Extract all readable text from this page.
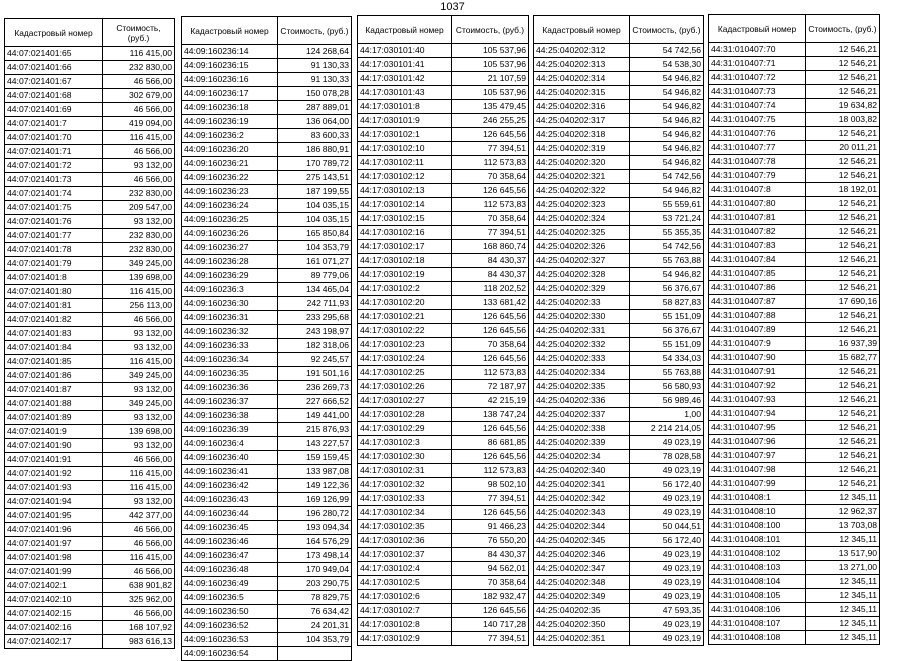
1037
Кадастровый номер	Стоимость, (руб.)
44:07:021401:65	116 415,00
44:07:021401:66	232 830,00
44:07:021401:67	46 566,00
44:07:021401:68	302 679,00
44:07:021401:69	46 566,00
44:07:021401:7	419 094,00
44:07:021401:70	116 415,00
44:07:021401:71	46 566,00
44:07:021401:72	93 132,00
44:07:021401:73	46 566,00
44:07:021401:74	232 830,00
44:07:021401:75	209 547,00
44:07:021401:76	93 132,00
44:07:021401:77	232 830,00
44:07:021401:78	232 830,00
44:07:021401:79	349 245,00
44:07:021401:8	139 698,00
44:07:021401:80	116 415,00
44:07:021401:81	256 113,00
44:07:021401:82	46 566,00
44:07:021401:83	93 132,00
44:07:021401:84	93 132,00
44:07:021401:85	116 415,00
44:07:021401:86	349 245,00
44:07:021401:87	93 132,00
44:07:021401:88	349 245,00
44:07:021401:89	93 132,00
44:07:021401:9	139 698,00
44:07:021401:90	93 132,00
44:07:021401:91	46 566,00
44:07:021401:92	116 415,00
44:07:021401:93	116 415,00
44:07:021401:94	93 132,00
44:07:021401:95	442 377,00
44:07:021401:96	46 566,00
44:07:021401:97	46 566,00
44:07:021401:98	116 415,00
44:07:021401:99	46 566,00
44:07:021402:1	638 901,82
44:07:021402:10	325 962,00
44:07:021402:15	46 566,00
44:07:021402:16	168 107,92
44:07:021402:17	983 616,13
Кадастровый номер	Стоимость, (руб.)
44:09:160236:14	124 268,64
44:09:160236:15	91 130,33
44:09:160236:16	91 130,33
44:09:160236:17	150 078,28
44:09:160236:18	287 889,01
44:09:160236:19	136 064,00
44:09:160236:2	83 600,33
44:09:160236:20	186 880,91
44:09:160236:21	170 789,72
44:09:160236:22	275 143,51
44:09:160236:23	187 199,55
44:09:160236:24	104 035,15
44:09:160236:25	104 035,15
44:09:160236:26	165 850,84
44:09:160236:27	104 353,79
44:09:160236:28	161 071,27
44:09:160236:29	89 779,06
44:09:160236:3	134 465,04
44:09:160236:30	242 711,93
44:09:160236:31	233 295,68
44:09:160236:32	243 198,97
44:09:160236:33	182 318,06
44:09:160236:34	92 245,57
44:09:160236:35	191 501,16
44:09:160236:36	236 269,73
44:09:160236:37	227 666,52
44:09:160236:38	149 441,00
44:09:160236:39	215 876,93
44:09:160236:4	143 227,57
44:09:160236:40	159 159,45
44:09:160236:41	133 987,08
44:09:160236:42	149 122,36
44:09:160236:43	169 126,99
44:09:160236:44	196 280,72
44:09:160236:45	193 094,34
44:09:160236:46	164 576,29
44:09:160236:47	173 498,14
44:09:160236:48	170 949,04
44:09:160236:49	203 290,75
44:09:160236:5	78 829,75
44:09:160236:50	76 634,42
44:09:160236:52	24 201,31
44:09:160236:53	104 353,79
44:09:160236:54	
Кадастровый номер	Стоимость, (руб.)
44:17:030101:40	105 537,96
44:17:030101:41	105 537,96
44:17:030101:42	21 107,59
44:17:030101:43	105 537,96
44:17:030101:8	135 479,45
44:17:030101:9	246 255,25
44:17:030102:1	126 645,56
44:17:030102:10	77 394,51
44:17:030102:11	112 573,83
44:17:030102:12	70 358,64
44:17:030102:13	126 645,56
44:17:030102:14	112 573,83
44:17:030102:15	70 358,64
44:17:030102:16	77 394,51
44:17:030102:17	168 860,74
44:17:030102:18	84 430,37
44:17:030102:19	84 430,37
44:17:030102:2	118 202,52
44:17:030102:20	133 681,42
44:17:030102:21	126 645,56
44:17:030102:22	126 645,56
44:17:030102:23	70 358,64
44:17:030102:24	126 645,56
44:17:030102:25	112 573,83
44:17:030102:26	72 187,97
44:17:030102:27	42 215,19
44:17:030102:28	138 747,24
44:17:030102:29	126 645,56
44:17:030102:3	86 681,85
44:17:030102:30	126 645,56
44:17:030102:31	112 573,83
44:17:030102:32	98 502,10
44:17:030102:33	77 394,51
44:17:030102:34	126 645,56
44:17:030102:35	91 466,23
44:17:030102:36	76 550,20
44:17:030102:37	84 430,37
44:17:030102:4	94 562,01
44:17:030102:5	70 358,64
44:17:030102:6	182 932,47
44:17:030102:7	126 645,56
44:17:030102:8	140 717,28
44:17:030102:9	77 394,51
Кадастровый номер	Стоимость, (руб.)
44:25:040202:312	54 742,56
44:25:040202:313	54 538,30
44:25:040202:314	54 946,82
44:25:040202:315	54 946,82
44:25:040202:316	54 946,82
44:25:040202:317	54 946,82
44:25:040202:318	54 946,82
44:25:040202:319	54 946,82
44:25:040202:320	54 946,82
44:25:040202:321	54 742,56
44:25:040202:322	54 946,82
44:25:040202:323	55 559,61
44:25:040202:324	53 721,24
44:25:040202:325	55 355,35
44:25:040202:326	54 742,56
44:25:040202:327	55 763,88
44:25:040202:328	54 946,82
44:25:040202:329	56 376,67
44:25:040202:33	58 827,83
44:25:040202:330	55 151,09
44:25:040202:331	56 376,67
44:25:040202:332	55 151,09
44:25:040202:333	54 334,03
44:25:040202:334	55 763,88
44:25:040202:335	56 580,93
44:25:040202:336	56 989,46
44:25:040202:337	1,00
44:25:040202:338	2 214 214,05
44:25:040202:339	49 023,19
44:25:040202:34	78 028,58
44:25:040202:340	49 023,19
44:25:040202:341	56 172,40
44:25:040202:342	49 023,19
44:25:040202:343	49 023,19
44:25:040202:344	50 044,51
44:25:040202:345	56 172,40
44:25:040202:346	49 023,19
44:25:040202:347	49 023,19
44:25:040202:348	49 023,19
44:25:040202:349	49 023,19
44:25:040202:35	47 593,35
44:25:040202:350	49 023,19
44:25:040202:351	49 023,19
Кадастровый номер	Стоимость, (руб.)
44:31:010407:70	12 546,21
44:31:010407:71	12 546,21
44:31:010407:72	12 546,21
44:31:010407:73	12 546,21
44:31:010407:74	19 634,82
44:31:010407:75	18 003,82
44:31:010407:76	12 546,21
44:31:010407:77	20 011,21
44:31:010407:78	12 546,21
44:31:010407:79	12 546,21
44:31:010407:8	18 192,01
44:31:010407:80	12 546,21
44:31:010407:81	12 546,21
44:31:010407:82	12 546,21
44:31:010407:83	12 546,21
44:31:010407:84	12 546,21
44:31:010407:85	12 546,21
44:31:010407:86	12 546,21
44:31:010407:87	17 690,16
44:31:010407:88	12 546,21
44:31:010407:89	12 546,21
44:31:010407:9	16 937,39
44:31:010407:90	15 682,77
44:31:010407:91	12 546,21
44:31:010407:92	12 546,21
44:31:010407:93	12 546,21
44:31:010407:94	12 546,21
44:31:010407:95	12 546,21
44:31:010407:96	12 546,21
44:31:010407:97	12 546,21
44:31:010407:98	12 546,21
44:31:010407:99	12 546,21
44:31:010408:1	12 345,11
44:31:010408:10	12 962,37
44:31:010408:100	13 703,08
44:31:010408:101	12 345,11
44:31:010408:102	13 517,90
44:31:010408:103	13 271,00
44:31:010408:104	12 345,11
44:31:010408:105	12 345,11
44:31:010408:106	12 345,11
44:31:010408:107	12 345,11
44:31:010408:108	12 345,11
